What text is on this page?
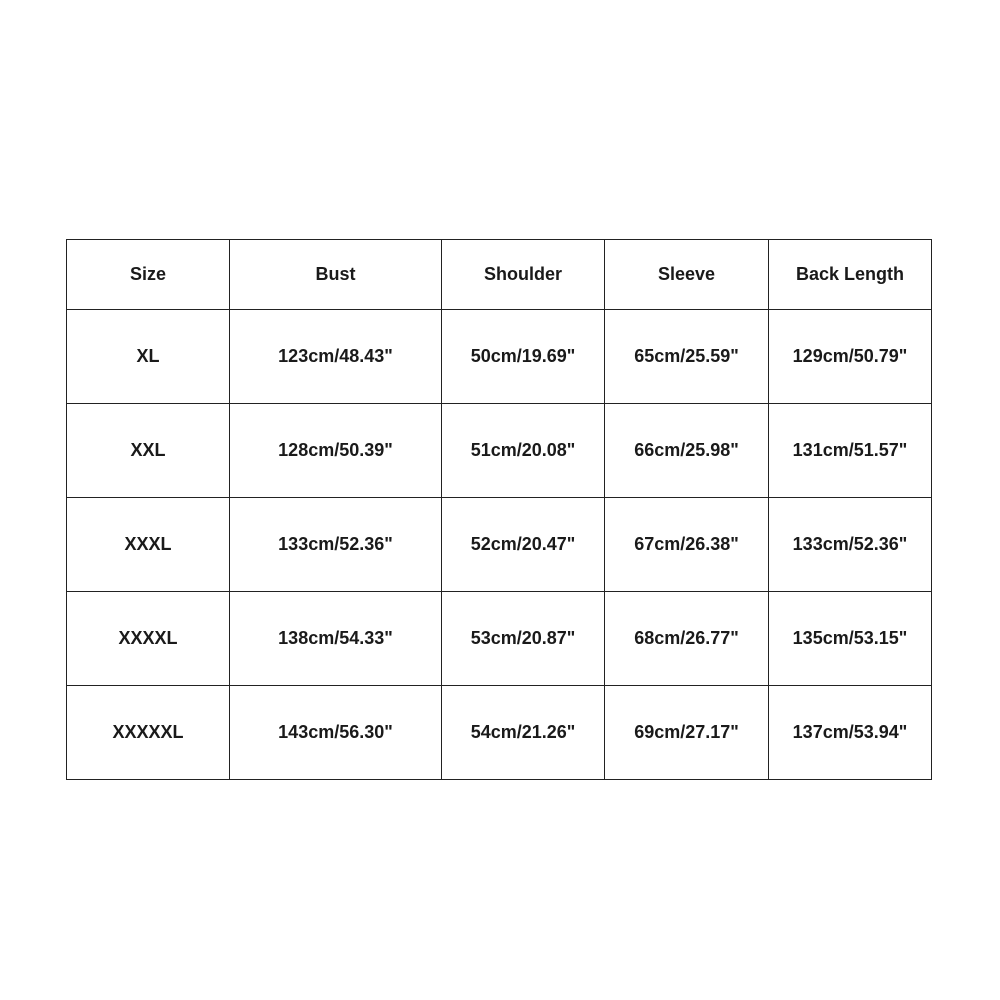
Size	Bust	Shoulder	Sleeve	Back Length
XL	123cm/48.43"	50cm/19.69"	65cm/25.59"	129cm/50.79"
XXL	128cm/50.39"	51cm/20.08"	66cm/25.98"	131cm/51.57"
XXXL	133cm/52.36"	52cm/20.47"	67cm/26.38"	133cm/52.36"
XXXXL	138cm/54.33"	53cm/20.87"	68cm/26.77"	135cm/53.15"
XXXXXL	143cm/56.30"	54cm/21.26"	69cm/27.17"	137cm/53.94"
